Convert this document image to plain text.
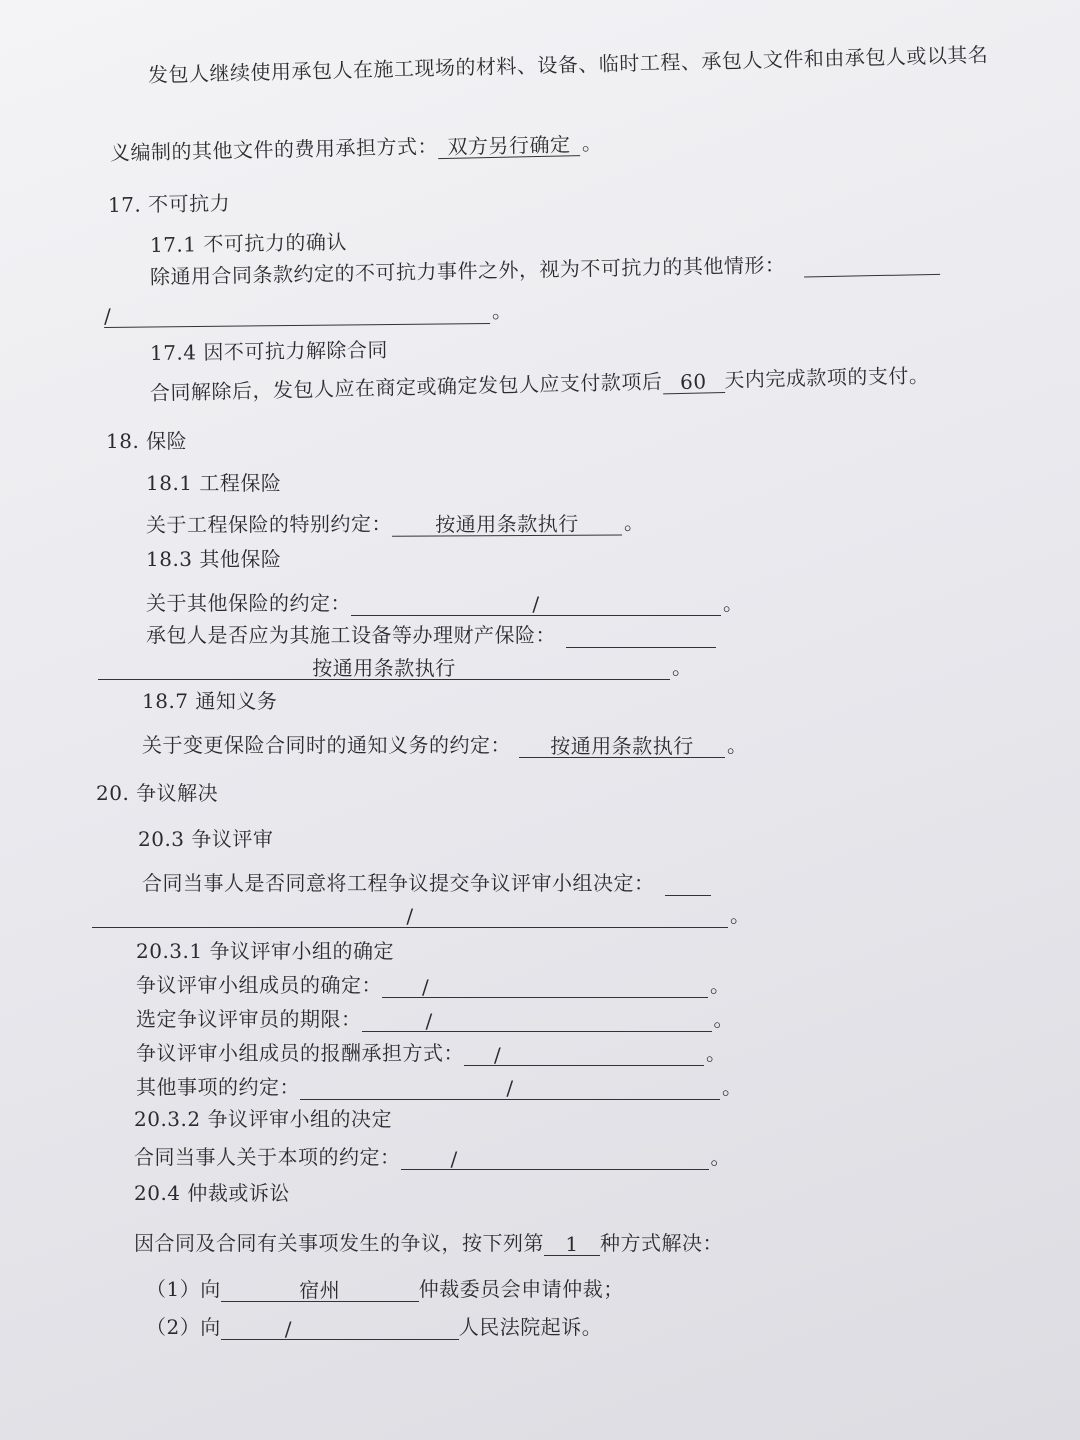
发包人继续使用承包人在施工现场的材料、设备、临时工程、承包人文件和由承包人或以其名
义编制的其他文件的费用承担方式： 双方另行确定 。
17. 不可抗力
17.1 不可抗力的确认
除通用合同条款约定的不可抗力事件之外，视为不可抗力的其他情形：
/	。
17.4 因不可抗力解除合同
合同解除后，发包人应在商定或确定发包人应支付款项后 60 天内完成款项的支付。
18. 保险
18.1 工程保险
关于工程保险的特别约定： 按通用条款执行 。
18.3 其他保险
关于其他保险的约定：	/	。
承包人是否应为其施工设备等办理财产保险：
按通用条款执行	。
18.7 通知义务
关于变更保险合同时的通知义务的约定： 按通用条款执行 。
20. 争议解决
20.3 争议评审
合同当事人是否同意将工程争议提交争议评审小组决定：
/	。
20.3.1 争议评审小组的确定
争议评审小组成员的确定： /	。
选定争议评审员的期限：	/	。
争议评审小组成员的报酬承担方式： /	。
其他事项的约定：	/	。
20.3.2 争议评审小组的决定
合同当事人关于本项的约定：	/	。
20.4 仲裁或诉讼
因合同及合同有关事项发生的争议，按下列第 1 种方式解决：
（1）向	宿州	仲裁委员会申请仲裁；
（2）向	/	人民法院起诉。
